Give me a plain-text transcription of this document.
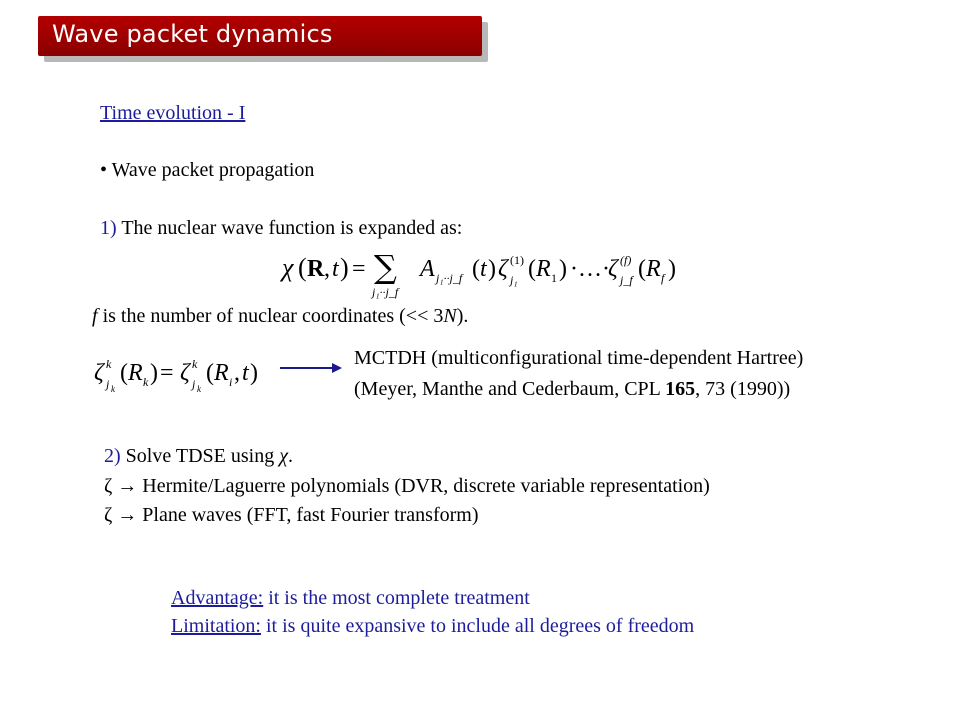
Wave packet dynamics
Time evolution - I
• Wave packet propagation
1) The nuclear wave function is expanded as:
χ ( R , t ) = ∑
j₁··j_f
A j₁··j_f ( t ) ζ (1)
j₁ ( R 1 ) ·…·
ζ (f)
j_f ( R f )
f is the number of nuclear coordinates (<< 3N).
ζ k
j k
( R k ) = ζ k
j k
( R i , t )
MCTDH (multiconfigurational time-dependent Hartree)
(Meyer, Manthe and Cederbaum, CPL 165, 73 (1990))
2) Solve TDSE using χ.
ζ → Hermite/Laguerre polynomials (DVR, discrete variable representation)
ζ → Plane waves (FFT, fast Fourier transform)
Advantage: it is the most complete treatment
Limitation: it is quite expansive to include all degrees of freedom
